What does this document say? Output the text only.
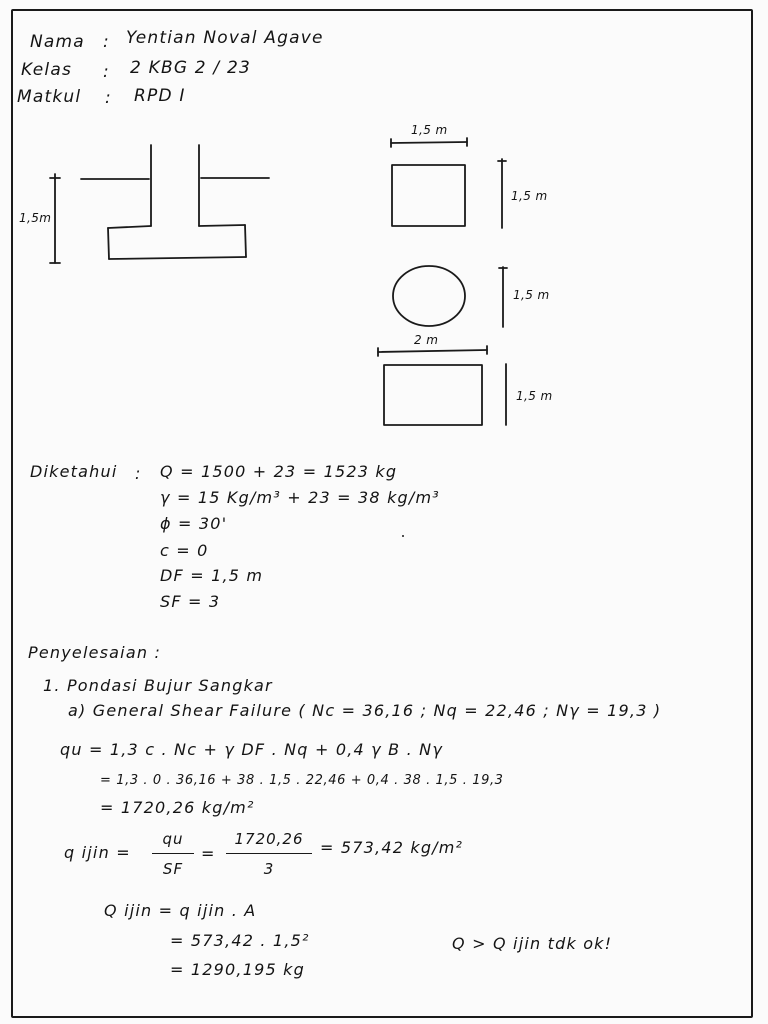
Nama : Yentian Noval Agave
Kelas : 2 KBG 2 / 23
Matkul : RPD I
1,5m
1,5 m
1,5 m
1,5 m
2 m
1,5 m
Diketahui : Q = 1500 + 23 = 1523 kg
γ = 15 Kg/m³ + 23 = 38 kg/m³
ϕ = 30'
c = 0
DF = 1,5 m
SF = 3
Penyelesaian :
1. Pondasi Bujur Sangkar
a) General Shear Failure ( Nc = 36,16 ; Nq = 22,46 ; Nγ = 19,3 )
qu = 1,3 c . Nc + γ DF . Nq + 0,4 γ B . Nγ
= 1,3 . 0 . 36,16 + 38 . 1,5 . 22,46 + 0,4 . 38 . 1,5 . 19,3
= 1720,26 kg/m²
q ijin =
qu
SF
=
1720,26
3
= 573,42 kg/m²
Q ijin = q ijin . A
= 573,42 . 1,5²
= 1290,195 kg
Q > Q ijin tdk ok!
